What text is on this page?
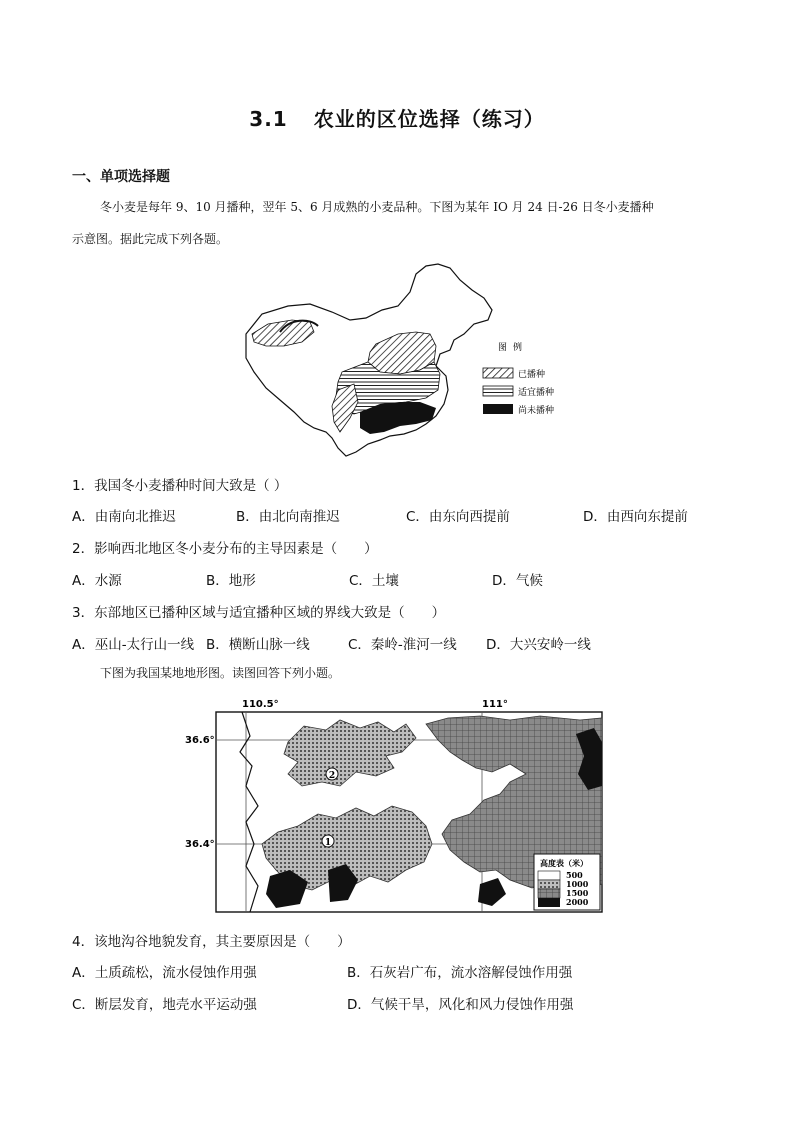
3.1 农业的区位选择（练习）
一、单项选择题
冬小麦是每年 9、10 月播种，翌年 5、6 月成熟的小麦品种。下图为某年 IO 月 24 日-26 日冬小麦播种
示意图。据此完成下列各题。
图例
已播种
适宜播种
尚未播种
1．我国冬小麦播种时间大致是（ ）
A．由南向北推迟	B．由北向南推迟	C．由东向西提前	D．由西向东提前
2．影响西北地区冬小麦分布的主导因素是（　　）
A．水源	B．地形	C．土壤	D．气候
3．东部地区已播种区域与适宜播种区域的界线大致是（　　）
A．巫山-太行山一线 B．横断山脉一线	C．秦岭-淮河一线 D．大兴安岭一线
下图为我国某地地形图。读图回答下列小题。
2
1
110.5°	111°
36.6°
36.4°
高度表（米）
500
1000
1500
2000
4．该地沟谷地貌发育，其主要原因是（　　）
A．土质疏松，流水侵蚀作用强	B．石灰岩广布，流水溶解侵蚀作用强
C．断层发育，地壳水平运动强	D．气候干旱，风化和风力侵蚀作用强
